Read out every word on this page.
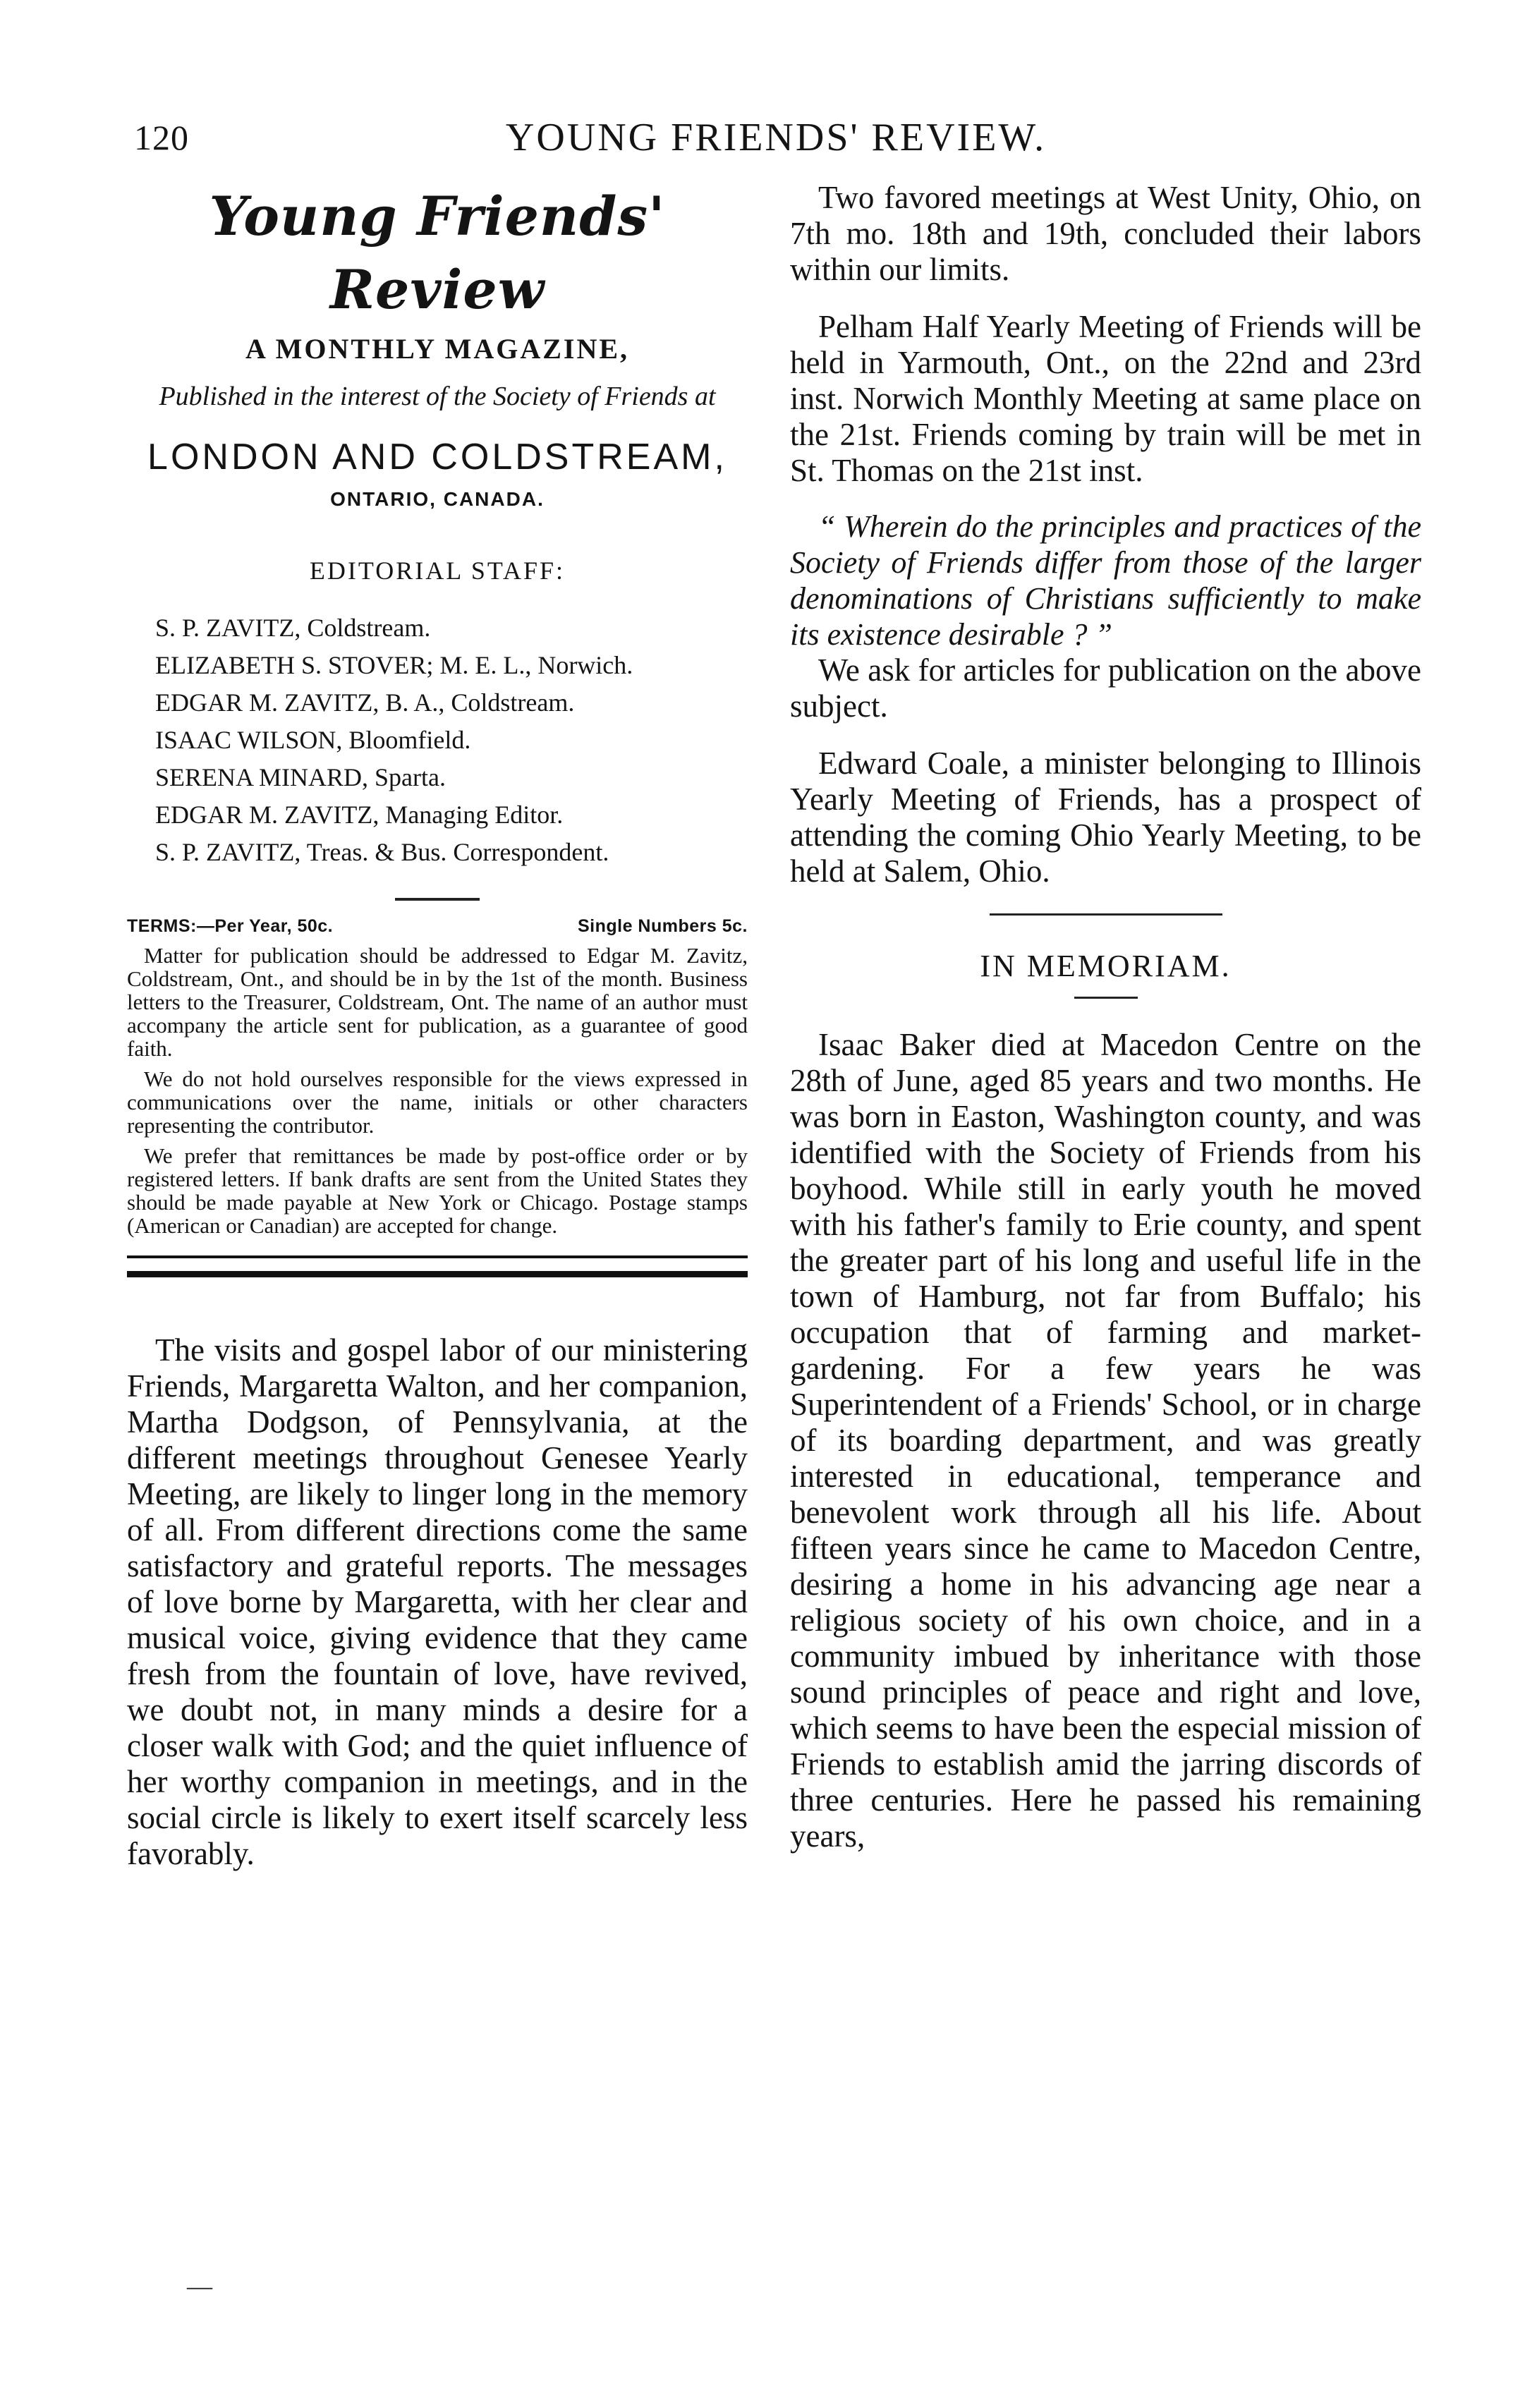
120	YOUNG FRIENDS' REVIEW.
Young Friends' Review
A MONTHLY MAGAZINE,
Published in the interest of the Society of Friends at
LONDON AND COLDSTREAM,
ONTARIO, CANADA.
EDITORIAL STAFF:
S. P. ZAVITZ, Coldstream.
ELIZABETH S. STOVER; M. E. L., Norwich.
EDGAR M. ZAVITZ, B. A., Coldstream.
ISAAC WILSON, Bloomfield.
SERENA MINARD, Sparta.
EDGAR M. ZAVITZ, Managing Editor.
S. P. ZAVITZ, Treas. & Bus. Correspondent.
TERMS:—Per Year, 50c.	Single Numbers 5c.

Matter for publication should be addressed to Edgar M. Zavitz, Coldstream, Ont., and should be in by the 1st of the month. Business letters to the Treasurer, Coldstream, Ont. The name of an author must accompany the article sent for publication, as a guarantee of good faith.

We do not hold ourselves responsible for the views expressed in communications over the name, initials or other characters representing the contributor.

We prefer that remittances be made by post-office order or by registered letters. If bank drafts are sent from the United States they should be made payable at New York or Chicago. Postage stamps (American or Canadian) are accepted for change.

The visits and gospel labor of our ministering Friends, Margaretta Walton, and her companion, Martha Dodgson, of Pennsylvania, at the different meetings throughout Genesee Yearly Meeting, are likely to linger long in the memory of all. From different directions come the same satisfactory and grateful reports. The messages of love borne by Margaretta, with her clear and musical voice, giving evidence that they came fresh from the fountain of love, have revived, we doubt not, in many minds a desire for a closer walk with God; and the quiet influence of her worthy companion in meetings, and in the social circle is likely to exert itself scarcely less favorably.

Two favored meetings at West Unity, Ohio, on 7th mo. 18th and 19th, concluded their labors within our limits.

Pelham Half Yearly Meeting of Friends will be held in Yarmouth, Ont., on the 22nd and 23rd inst. Norwich Monthly Meeting at same place on the 21st. Friends coming by train will be met in St. Thomas on the 21st inst.

“ Wherein do the principles and practices of the Society of Friends differ from those of the larger denominations of Christians sufficiently to make its existence desirable ? ”

We ask for articles for publication on the above subject.

Edward Coale, a minister belonging to Illinois Yearly Meeting of Friends, has a prospect of attending the coming Ohio Yearly Meeting, to be held at Salem, Ohio.

IN MEMORIAM.

Isaac Baker died at Macedon Centre on the 28th of June, aged 85 years and two months. He was born in Easton, Washington county, and was identified with the Society of Friends from his boyhood. While still in early youth he moved with his father's family to Erie county, and spent the greater part of his long and useful life in the town of Hamburg, not far from Buffalo; his occupation that of farming and market-gardening. For a few years he was Superintendent of a Friends' School, or in charge of its boarding department, and was greatly interested in educational, temperance and benevolent work through all his life. About fifteen years since he came to Macedon Centre, desiring a home in his advancing age near a religious society of his own choice, and in a community imbued by inheritance with those sound principles of peace and right and love, which seems to have been the especial mission of Friends to establish amid the jarring discords of three centuries. Here he passed his remaining years,

—
